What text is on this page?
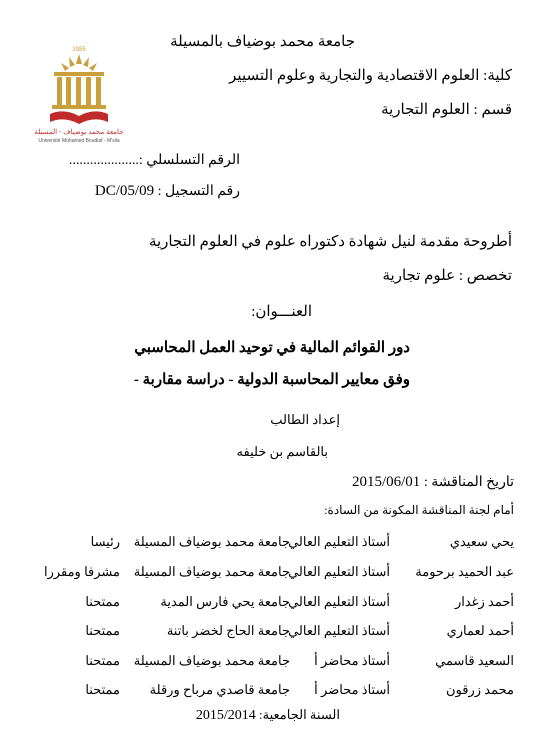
جامعة محمد بوضياف بالمسيلة
كلية: العلوم الاقتصادية والتجارية وعلوم التسيير
قسم : العلوم التجارية
1985
جامعة محمد بوضياف - المسيلة
Université Mohamed Boudiaf - M'sila
الرقم التسلسلي :....................
رقم التسجيل : DC/05/09
أطروحة مقدمة لنيل شهادة دكتوراه علوم في العلوم التجارية
تخصص : علوم تجارية
العنـــوان:
دور القوائم المالية في توحيد العمل المحاسبي
وفق معايير المحاسبة الدولية - دراسة مقاربة -
إعداد الطالب
بالقاسم بن خليفه
تاريخ المناقشة : 2015/06/01
أمام لجنة المناقشة المكونة من السادة:
يحي سعيدي
أستاذ التعليم العالي
جامعة محمد بوضياف المسيلة
رئيسا
عبد الحميد برحومة
أستاذ التعليم العالي
جامعة محمد بوضياف المسيلة
مشرفا ومقررا
أحمد زغدار
أستاذ التعليم العالي
جامعة يحي فارس المدية
ممتحنا
أحمد لعماري
أستاذ التعليم العالي
جامعة الحاج لخضر باتنة
ممتحنا
السعيد قاسمي
أستاذ محاضر أ
جامعة محمد بوضياف المسيلة
ممتحنا
محمد زرقون
أستاذ محاضر أ
جامعة قاصدي مرباح ورقلة
ممتحنا
السنة الجامعية: 2015/2014
